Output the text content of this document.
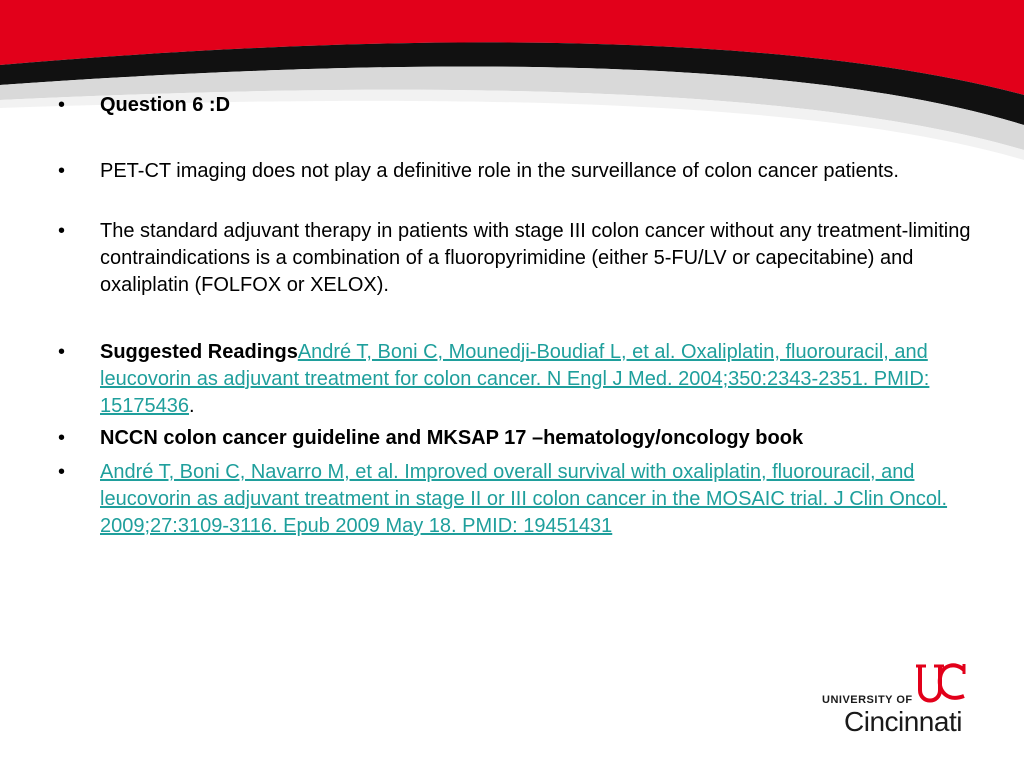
• Question 6 :D
• PET-CT imaging does not play a definitive role in the surveillance of colon cancer patients.
• The standard adjuvant therapy in patients with stage III colon cancer without any treatment-limiting contraindications is a combination of a fluoropyrimidine (either 5-FU/LV or capecitabine) and oxaliplatin (FOLFOX or XELOX).
• Suggested ReadingsAndré T, Boni C, Mounedji-Boudiaf L, et al. Oxaliplatin, fluorouracil, and leucovorin as adjuvant treatment for colon cancer. N Engl J Med. 2004;350:2343-2351. PMID: 15175436.
• NCCN colon cancer guideline and MKSAP 17 –hematology/oncology book
• André T, Boni C, Navarro M, et al. Improved overall survival with oxaliplatin, fluorouracil, and leucovorin as adjuvant treatment in stage II or III colon cancer in the MOSAIC trial. J Clin Oncol. 2009;27:3109-3116. Epub 2009 May 18. PMID: 19451431
UNIVERSITY OF
Cincinnati
